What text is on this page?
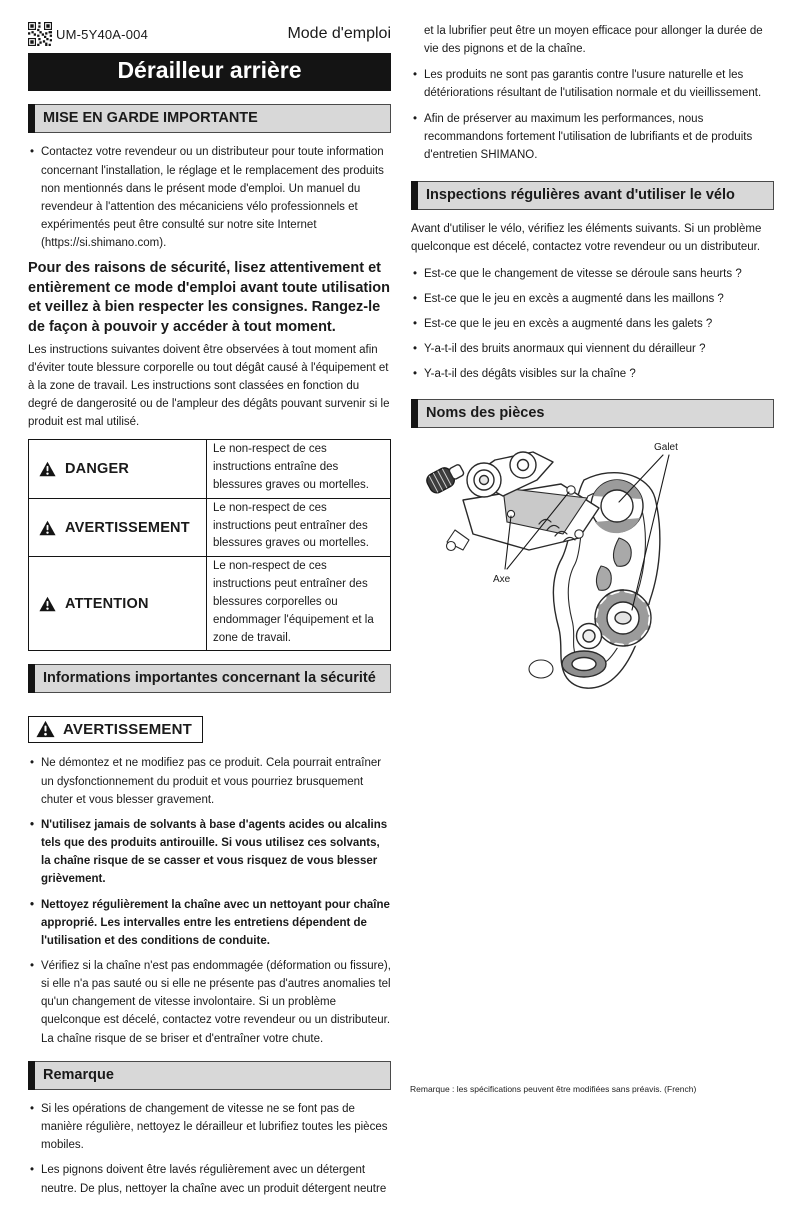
UM-5Y40A-004	Mode d'emploi
Dérailleur arrière
MISE EN GARDE IMPORTANTE
• Contactez votre revendeur ou un distributeur pour toute information concernant l'installation, le réglage et le remplacement des produits non mentionnés dans le présent mode d'emploi. Un manuel du revendeur à l'attention des mécaniciens vélo professionnels et expérimentés peut être consulté sur notre site Internet (https://si.shimano.com).

Pour des raisons de sécurité, lisez attentivement et entièrement ce mode d'emploi avant toute utilisation et veillez à bien respecter les consignes. Rangez-le de façon à pouvoir y accéder à tout moment.

Les instructions suivantes doivent être observées à tout moment afin d'éviter toute blessure corporelle ou tout dégât causé à l'équipement et à la zone de travail. Les instructions sont classées en fonction du degré de dangerosité ou de l'ampleur des dégâts pouvant survenir si le produit est mal utilisé.

DANGER	Le non-respect de ces instructions entraîne des blessures graves ou mortelles.

AVERTISSEMENT	Le non-respect de ces instructions peut entraîner des blessures graves ou mortelles.

ATTENTION	Le non-respect de ces instructions peut entraîner des blessures corporelles ou endommager l'équipement et la zone de travail.
Informations importantes concernant la sécurité
AVERTISSEMENT
• Ne démontez et ne modifiez pas ce produit. Cela pourrait entraîner un dysfonctionnement du produit et vous pourriez brusquement chuter et vous blesser gravement.
• N'utilisez jamais de solvants à base d'agents acides ou alcalins tels que des produits antirouille. Si vous utilisez ces solvants, la chaîne risque de se casser et vous risquez de vous blesser grièvement.
• Nettoyez régulièrement la chaîne avec un nettoyant pour chaîne approprié. Les intervalles entre les entretiens dépendent de l'utilisation et des conditions de conduite.
• Vérifiez si la chaîne n'est pas endommagée (déformation ou fissure), si elle n'a pas sauté ou si elle ne présente pas d'autres anomalies tel qu'un changement de vitesse involontaire. Si un problème quelconque est décelé, contactez votre revendeur ou un distributeur. La chaîne risque de se briser et d'entraîner votre chute.
Remarque
• Si les opérations de changement de vitesse ne se font pas de manière régulière, nettoyez le dérailleur et lubrifiez toutes les pièces mobiles.
• Les pignons doivent être lavés régulièrement avec un détergent neutre. De plus, nettoyer la chaîne avec un produit détergent neutre

et la lubrifier peut être un moyen efficace pour allonger la durée de vie des pignons et de la chaîne.

• Les produits ne sont pas garantis contre l'usure naturelle et les détériorations résultant de l'utilisation normale et du vieillissement.
• Afin de préserver au maximum les performances, nous recommandons fortement l'utilisation de lubrifiants et de produits d'entretien SHIMANO.
Inspections régulières avant d'utiliser le vélo

Avant d'utiliser le vélo, vérifiez les éléments suivants. Si un problème quelconque est décelé, contactez votre revendeur ou un distributeur.

• Est-ce que le changement de vitesse se déroule sans heurts ?
• Est-ce que le jeu en excès a augmenté dans les maillons ?
• Est-ce que le jeu en excès a augmenté dans les galets ?
• Y-a-t-il des bruits anormaux qui viennent du dérailleur ?
• Y-a-t-il des dégâts visibles sur la chaîne ?
Noms des pièces
Galet
Axe
Remarque : les spécifications peuvent être modifiées sans préavis. (French)
